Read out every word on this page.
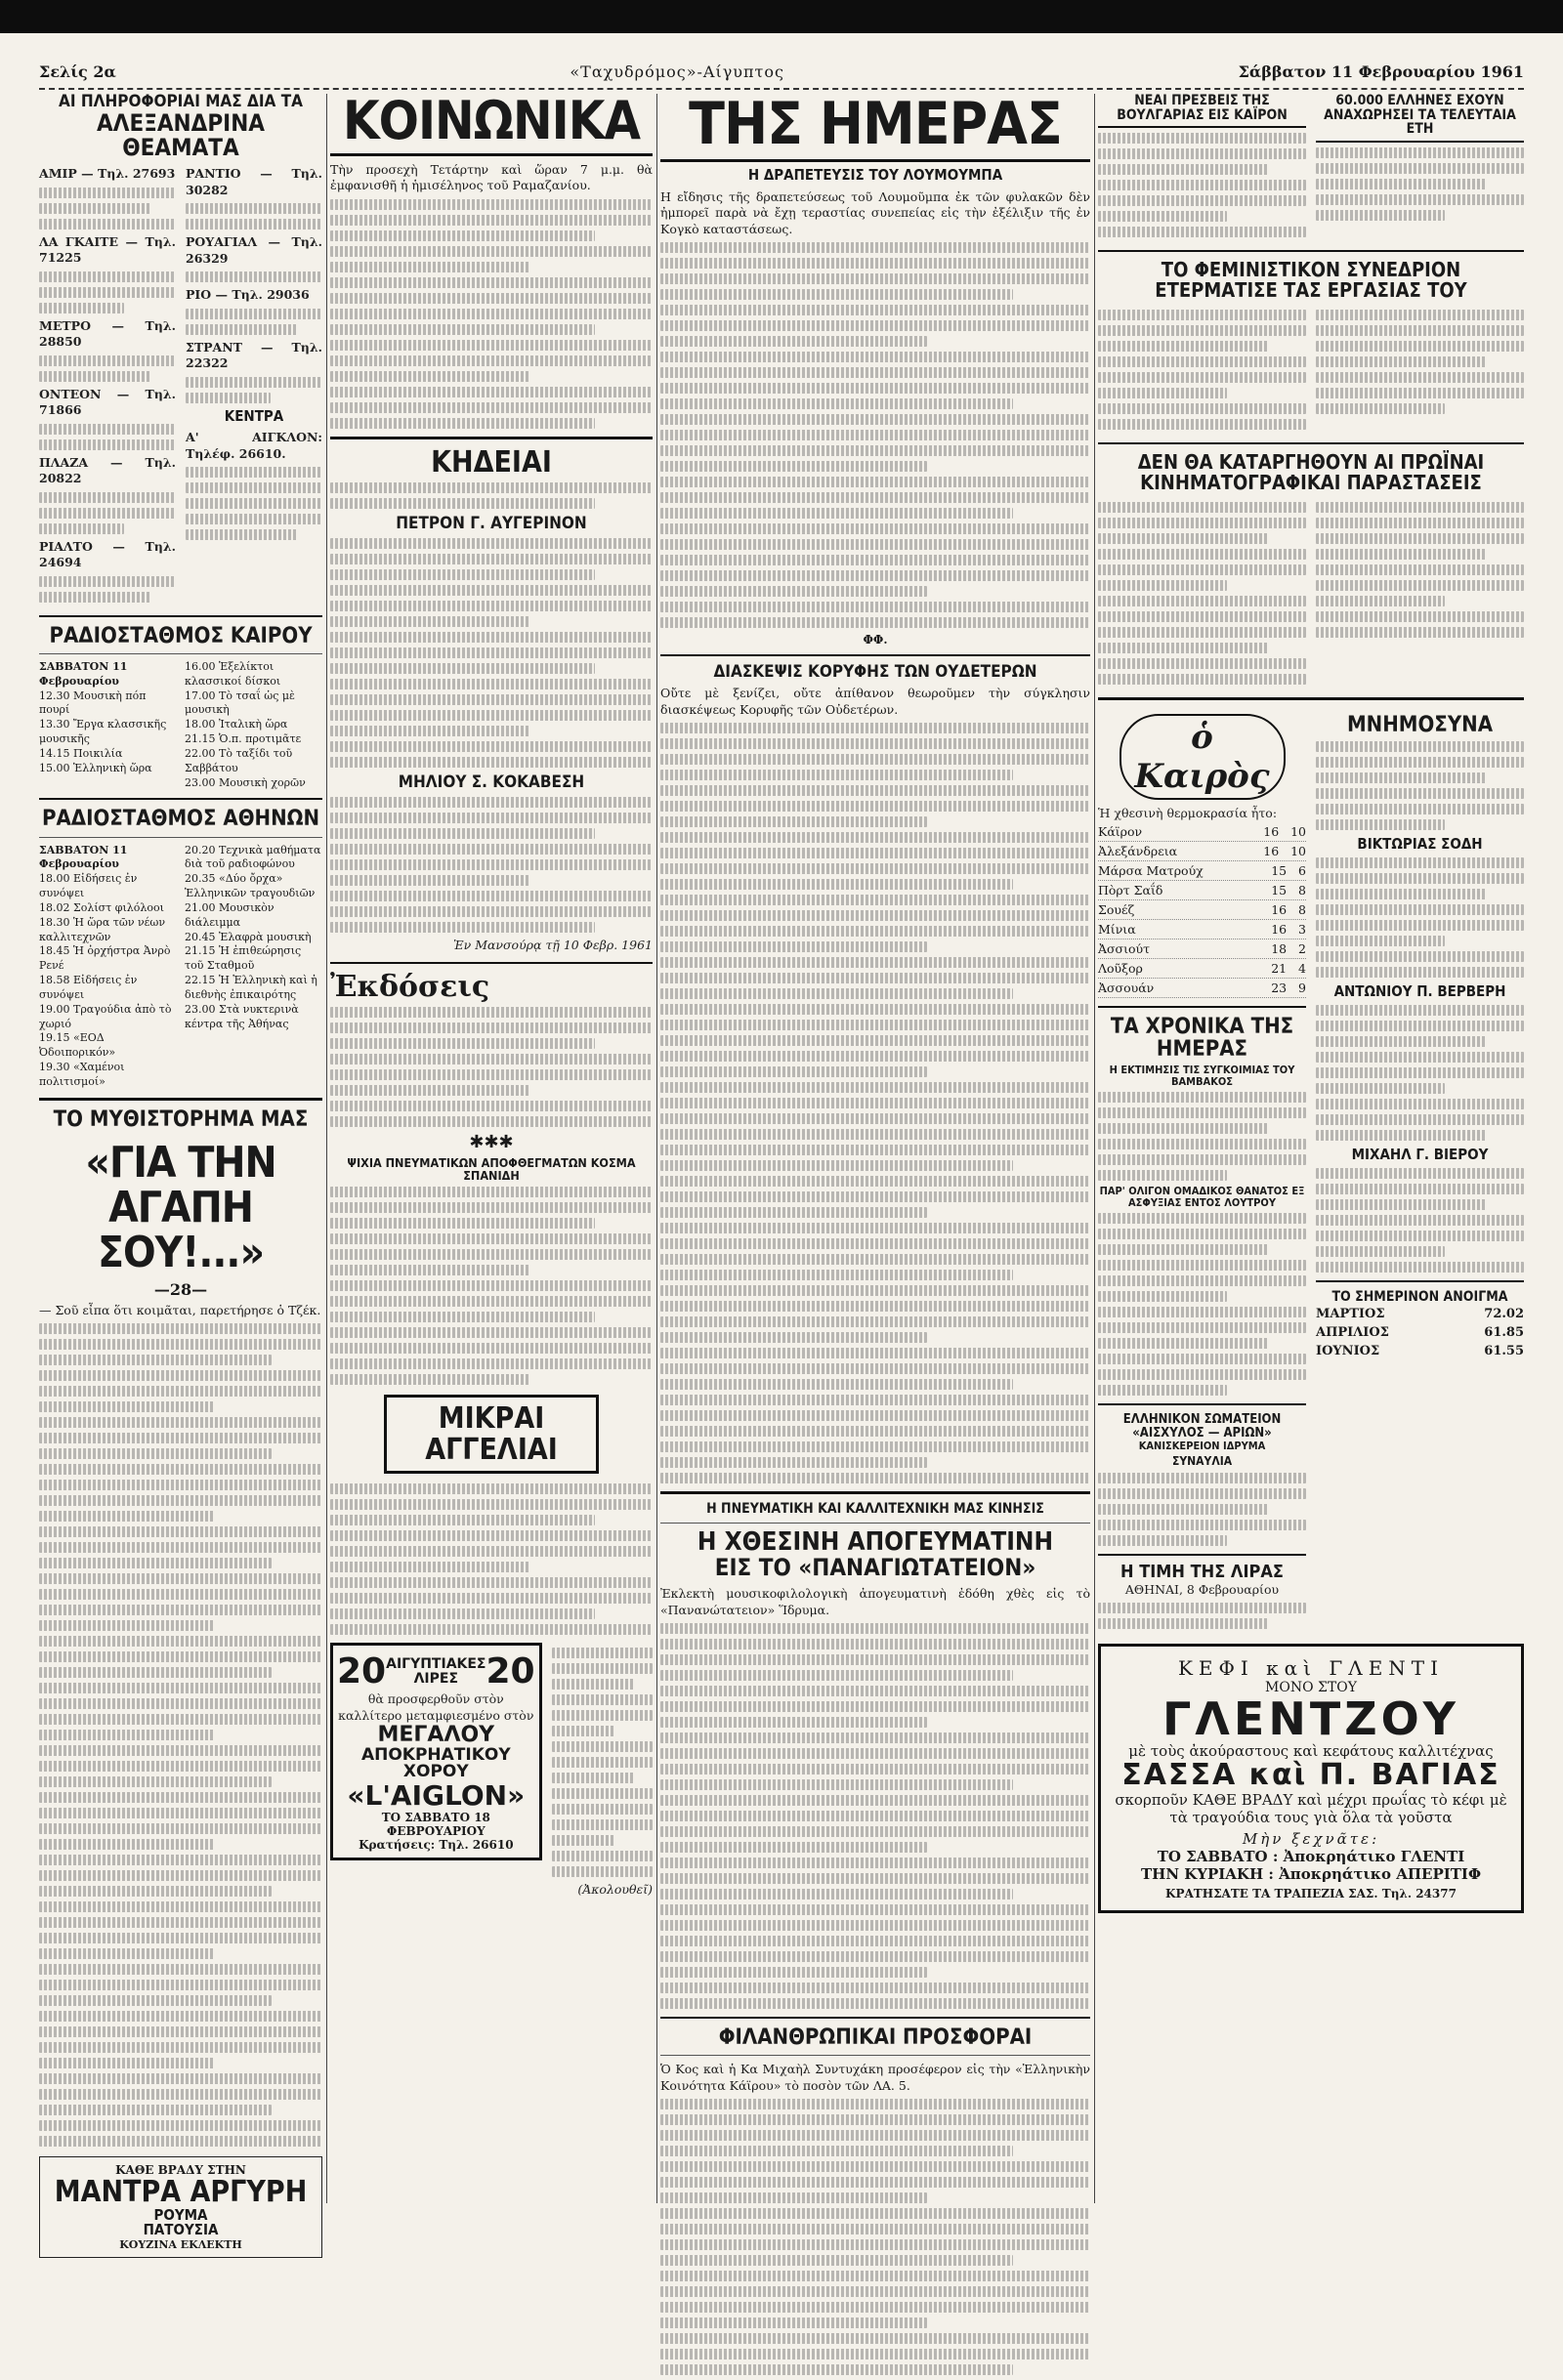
Σελίς 2α	«Ταχυδρόμος»-Αίγυπτος	Σάββατον 11 Φεβρουαρίου 1961
ΑΙ ΠΛΗΡΟΦΟΡΙΑΙ ΜΑΣ ΔΙΑ ΤΑ
ΑΛΕΞΑΝΔΡΙΝΑ ΘΕΑΜΑΤΑ
ΑΜΙΡ — Τηλ. 27693
ΛΑ ΓΚΑΙΤΕ — Τηλ. 71225
ΜΕΤΡΟ — Τηλ. 28850
ΟΝΤΕΟΝ — Τηλ. 71866
ΠΛΑΖΑ — Τηλ. 20822
ΡΙΑΛΤΟ — Τηλ. 24694
ΡΑΝΤΙΟ — Τηλ. 30282
ΡΟΥΑΓΙΑΛ — Τηλ. 26329
ΡΙΟ — Τηλ. 29036
ΣΤΡΑΝΤ — Τηλ. 22322
ΚΕΝΤΡΑ
Α' ΑΙΓΚΛΟΝ: Τηλέφ. 26610.
ΡΑΔΙΟΣΤΑΘΜΟΣ ΚΑΙΡΟΥ
ΣΑΒΒΑΤΟΝ 11 Φεβρουαρίου
12.30 Μουσικὴ πόπ πουρί
13.30 Ἔργα κλασσικῆς μουσικῆς
14.15 Ποικιλία
15.00 Ἑλληνικὴ ὥρα
16.00 Ἑξελίκτοι κλασσικοί δίσκοι
17.00 Τὸ τσαΐ ὡς μὲ μουσικὴ
18.00 Ἰταλικὴ ὥρα
21.15 Ὁ.π. προτιμᾶτε
22.00 Τὸ ταξίδι τοῦ Σαββάτου
23.00 Μουσικὴ χορῶν
ΡΑΔΙΟΣΤΑΘΜΟΣ ΑΘΗΝΩΝ
ΣΑΒΒΑΤΟΝ 11 Φεβρουαρίου
18.00 Εἰδήσεις ἐν συνόψει
18.02 Σολίστ φιλόλοοι
18.30 Ἡ ὥρα τῶν νέων καλλιτεχνῶν
18.45 Ἡ ὀρχήστρα Ἀνρὸ Ρενέ
18.58 Εἰδήσεις ἐν συνόψει
19.00 Τραγούδια ἀπὸ τὸ χωριό
19.15 «ΕΟΔ Ὀδοιπορικόν»
19.30 «Χαμένοι πολιτισμοί»
20.20 Τεχνικὰ μαθήματα διὰ τοῦ ραδιοφώνου
20.35 «Δύο ὄρχα» Ἑλληνικῶν τραγουδιῶν
21.00 Μουσικὸν διάλειμμα
20.45 Ἐλαφρὰ μουσικὴ
21.15 Ἡ ἐπιθεώρησις τοῦ Σταθμοῦ
22.15 Ἡ Ἑλληνικὴ καὶ ἡ διεθνὴς ἐπικαιρότης
23.00 Στὰ νυκτερινὰ κέντρα τῆς Ἀθήνας
ΤΟ ΜΥΘΙΣΤΟΡΗΜΑ ΜΑΣ
«ΓΙΑ ΤΗΝ ΑΓΑΠΗ ΣΟΥ!...»
—28—

— Σοῦ εἶπα ὅτι κοιμᾶται, παρετήρησε ὁ Τζέκ.

ΚΑΘΕ ΒΡΑΔΥ ΣΤΗΝ
ΜΑΝΤΡΑ ΑΡΓΥΡΗ
ΡΟΥΜΑ
ΠΑΤΟΥΣΙΑ
ΚΟΥΖΙΝΑ ΕΚΛΕΚΤΗ
ΚΟΙΝΩΝΙΚΑ

Τὴν προσεχὴ Τετάρτην καὶ ὥραν 7 μ.μ. θὰ ἐμφανισθῆ ἡ ἡμισέληνος τοῦ Ραμαζανίου.

ΚΗΔΕΙΑΙ
ΠΕΤΡΟΝ Γ. ΑΥΓΕΡΙΝΟΝ
ΜΗΛΙΟΥ Σ. ΚΟΚΑΒΕΣΗ
Ἐν Μανσούρᾳ τῇ 10 Φεβρ. 1961
Ἐκδόσεις
✱✱✱
ΨΙΧΙΑ ΠΝΕΥΜΑΤΙΚΩΝ ΑΠΟΦΘΕΓΜΑΤΩΝ ΚΟΣΜΑ ΣΠΑΝΙΔΗ
ΜΙΚΡΑΙ ΑΓΓΕΛΙΑΙ
20 ΑΙΓΥΠΤΙΑΚΕΣ ΛΙΡΕΣ 20
θὰ προσφερθοῦν στὸν καλλίτερο μεταμφιεσμένο στὸν
ΜΕΓΑΛΟΥ
ΑΠΟΚΡΗΑΤΙΚΟΥ ΧΟΡΟΥ
«L'AIGLON»
ΤΟ ΣΑΒΒΑΤΟ 18 ΦΕΒΡΟΥΑΡΙΟΥ
Κρατήσεις: Τηλ. 26610
(Ἀκολουθεῖ)
ΤΗΣ ΗΜΕΡΑΣ
Η ΔΡΑΠΕΤΕΥΣΙΣ ΤΟΥ ΛΟΥΜΟΥΜΠΑ

Η εἴδησις τῆς δραπετεύσεως τοῦ Λουμοῦμπα ἐκ τῶν φυλακῶν δὲν ἠμπορεῖ παρὰ νὰ ἔχῃ τεραστίας συνεπείας εἰς τὴν ἐξέλιξιν τῆς ἐν Κογκὸ καταστάσεως.

ΦΦ.
ΔΙΑΣΚΕΨΙΣ ΚΟΡΥΦΗΣ ΤΩΝ ΟΥΔΕΤΕΡΩΝ

Οὔτε μὲ ξενίζει, οὔτε ἀπίθανον θεωροῦμεν τὴν σύγκλησιν διασκέψεως Κορυφῆς τῶν Οὐδετέρων.

Η ΠΝΕΥΜΑΤΙΚΗ ΚΑΙ ΚΑΛΛΙΤΕΧΝΙΚΗ ΜΑΣ ΚΙΝΗΣΙΣ
Η ΧΘΕΣΙΝΗ ΑΠΟΓΕΥΜΑΤΙΝΗ
ΕΙΣ ΤΟ «ΠΑΝΑΓΙΩΤΑΤΕΙΟΝ»

Ἐκλεκτὴ μουσικοφιλολογικὴ ἀπογευματινὴ ἐδόθη χθὲς εἰς τὸ «Πανανώτατειον» Ἵδρυμα.

ΦΙΛΑΝΘΡΩΠΙΚΑΙ ΠΡΟΣΦΟΡΑΙ

Ὁ Κος καὶ ἡ Κα Μιχαὴλ Συντυχάκη προσέφερον εἰς τὴν «Ἑλληνικὴν Κοινότητα Κάϊρου» τὸ ποσὸν τῶν ΛΑ. 5.

ΝΕΑΙ ΠΡΕΣΒΕΙΣ ΤΗΣ ΒΟΥΛΓΑΡΙΑΣ ΕΙΣ ΚΑΪΡΟΝ
60.000 ΕΛΛΗΝΕΣ ΕΧΟΥΝ ΑΝΑΧΩΡΗΣΕΙ ΤΑ ΤΕΛΕΥΤΑΙΑ ΕΤΗ
ΤΟ ΦΕΜΙΝΙΣΤΙΚΟΝ ΣΥΝΕΔΡΙΟΝ ΕΤΕΡΜΑΤΙΣΕ ΤΑΣ ΕΡΓΑΣΙΑΣ ΤΟΥ
ΔΕΝ ΘΑ ΚΑΤΑΡΓΗΘΟΥΝ ΑΙ ΠΡΩΪΝΑΙ ΚΙΝΗΜΑΤΟΓΡΑΦΙΚΑΙ ΠΑΡΑΣΤΑΣΕΙΣ
ὁ Καιρὸς
Ἡ χθεσινὴ θερμοκρασία ἦτο:
Κάϊρον	16 10
Ἀλεξάνδρεια	16 10
Μάρσα Ματρούχ	15 6
Πὸρτ Σαΐδ	15 8
Σουέζ	16 8
Μίνια	16 3
Ἀσσιούτ	18 2
Λοῦξορ	21 4
Ἀσσουάν	23 9
ΤΑ ΧΡΟΝΙΚΑ ΤΗΣ ΗΜΕΡΑΣ
Η ΕΚΤΙΜΗΣΙΣ ΤΙΣ ΣΥΓΚΟΙΜΙΑΣ ΤΟΥ ΒΑΜΒΑΚΟΣ
ΠΑΡ' ΟΛΙΓΟΝ ΟΜΑΔΙΚΟΣ ΘΑΝΑΤΟΣ ΕΞ ΑΣΦΥΞΙΑΣ ΕΝΤΟΣ ΛΟΥΤΡΟΥ
ΕΛΛΗΝΙΚΟΝ ΣΩΜΑΤΕΙΟΝ «ΑΙΣΧΥΛΟΣ — ΑΡΙΩΝ»
ΚΑΝΙΣΚΕΡΕΙΟΝ ΙΔΡΥΜΑ
ΣΥΝΑΥΛΙΑ
Η ΤΙΜΗ ΤΗΣ ΛΙΡΑΣ
ΑΘΗΝΑΙ, 8 Φεβρουαρίου
ΜΝΗΜΟΣΥΝΑ
ΒΙΚΤΩΡΙΑΣ ΣΟΔΗ
ΑΝΤΩΝΙΟΥ Π. ΒΕΡΒΕΡΗ
ΜΙΧΑΗΛ Γ. ΒΙΕΡΟΥ
ΤΟ ΣΗΜΕΡΙΝΟΝ ΑΝΟΙΓΜΑ
ΜΑΡΤΙΟΣ	72.02
ΑΠΡΙΛΙΟΣ	61.85
ΙΟΥΝΙΟΣ	61.55
ΚΕΦΙ καὶ ΓΛΕΝΤΙ
ΜΟΝΟ ΣΤΟΥ
ΓΛΕΝΤΖΟΥ
μὲ τοὺς ἀκούραστους καὶ κεφάτους καλλιτέχνας
ΣΑΣΣΑ καὶ Π. ΒΑΓΙΑΣ
σκορποῦν ΚΑΘΕ ΒΡΑΔΥ καὶ μέχρι πρωΐας τὸ κέφι μὲ τὰ τραγούδια τους γιὰ ὅλα τὰ γοῦστα
Μὴν ξεχνᾶτε:
ΤΟ ΣΑΒΒΑΤΟ : Ἀποκρηάτικο ΓΛΕΝΤΙ
ΤΗΝ ΚΥΡΙΑΚΗ : Ἀποκρηάτικο ΑΠΕΡΙΤΙΦ
ΚΡΑΤΗΣΑΤΕ ΤΑ ΤΡΑΠΕΖΙΑ ΣΑΣ. Τηλ. 24377
